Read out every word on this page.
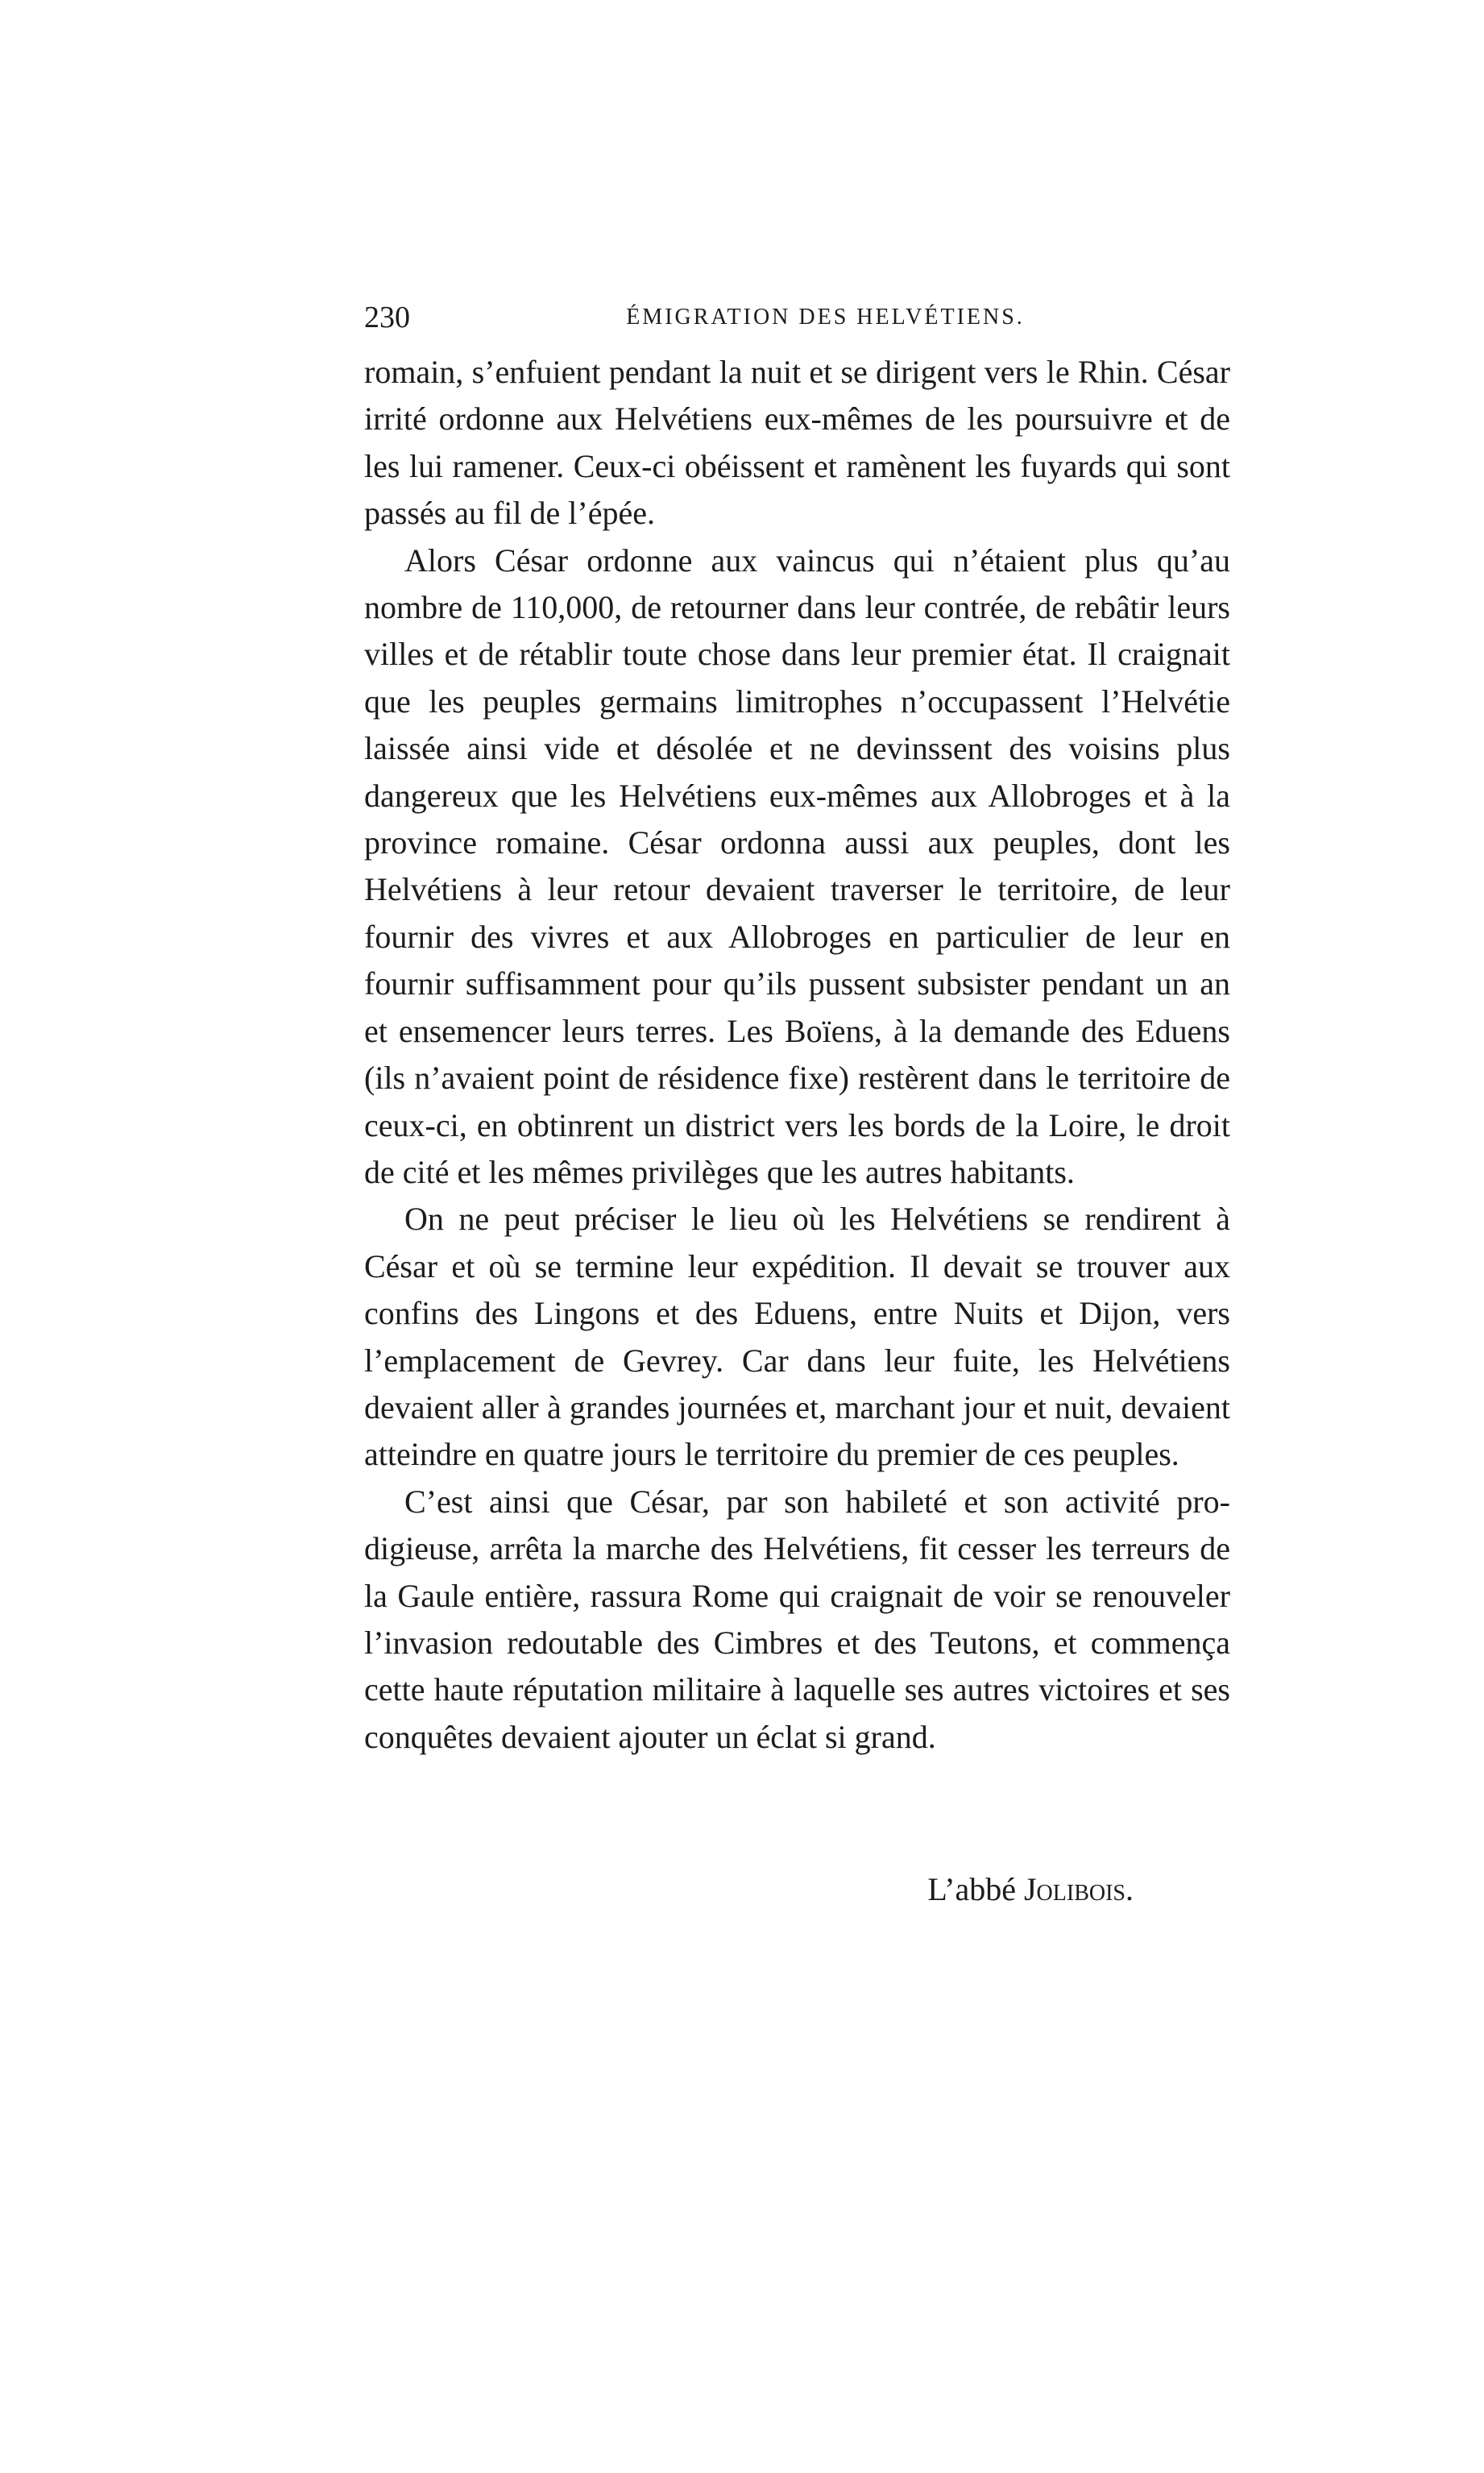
230	ÉMIGRATION DES HELVÉTIENS.

romain, s’enfuient pendant la nuit et se dirigent vers le Rhin. César irrité ordonne aux Helvétiens eux-mêmes de les poursuivre et de les lui ramener. Ceux-ci obéissent et ramènent les fuyards qui sont passés au fil de l’épée.

Alors César ordonne aux vaincus qui n’étaient plus qu’au nombre de 110,000, de retourner dans leur contrée, de rebâtir leurs villes et de rétablir toute chose dans leur premier état. Il craignait que les peuples germains limitrophes n’occupassent l’Helvétie laissée ainsi vide et désolée et ne devinssent des voisins plus dangereux que les Helvétiens eux-mêmes aux Allobroges et à la province romaine. César ordonna aussi aux peuples, dont les Helvétiens à leur retour devaient traverser le territoire, de leur fournir des vivres et aux Allobroges en particulier de leur en fournir suffisamment pour qu’ils pussent subsister pendant un an et ensemencer leurs terres. Les Boïens, à la demande des Eduens (ils n’avaient point de résidence fixe) restèrent dans le territoire de ceux-ci, en obtinrent un district vers les bords de la Loire, le droit de cité et les mêmes privilèges que les autres habitants.

On ne peut préciser le lieu où les Helvétiens se rendirent à César et où se termine leur expédition. Il devait se trouver aux confins des Lingons et des Eduens, entre Nuits et Dijon, vers l’emplacement de Gevrey. Car dans leur fuite, les Helvétiens devaient aller à grandes journées et, marchant jour et nuit, devaient atteindre en quatre jours le territoire du premier de ces peuples.

C’est ainsi que César, par son habileté et son activité prodigieuse, arrêta la marche des Helvétiens, fit cesser les terreurs de la Gaule entière, rassura Rome qui craignait de voir se renouveler l’invasion redoutable des Cimbres et des Teutons, et commença cette haute réputation militaire à laquelle ses autres victoires et ses conquêtes devaient ajouter un éclat si grand.

L’abbé Jolibois.
